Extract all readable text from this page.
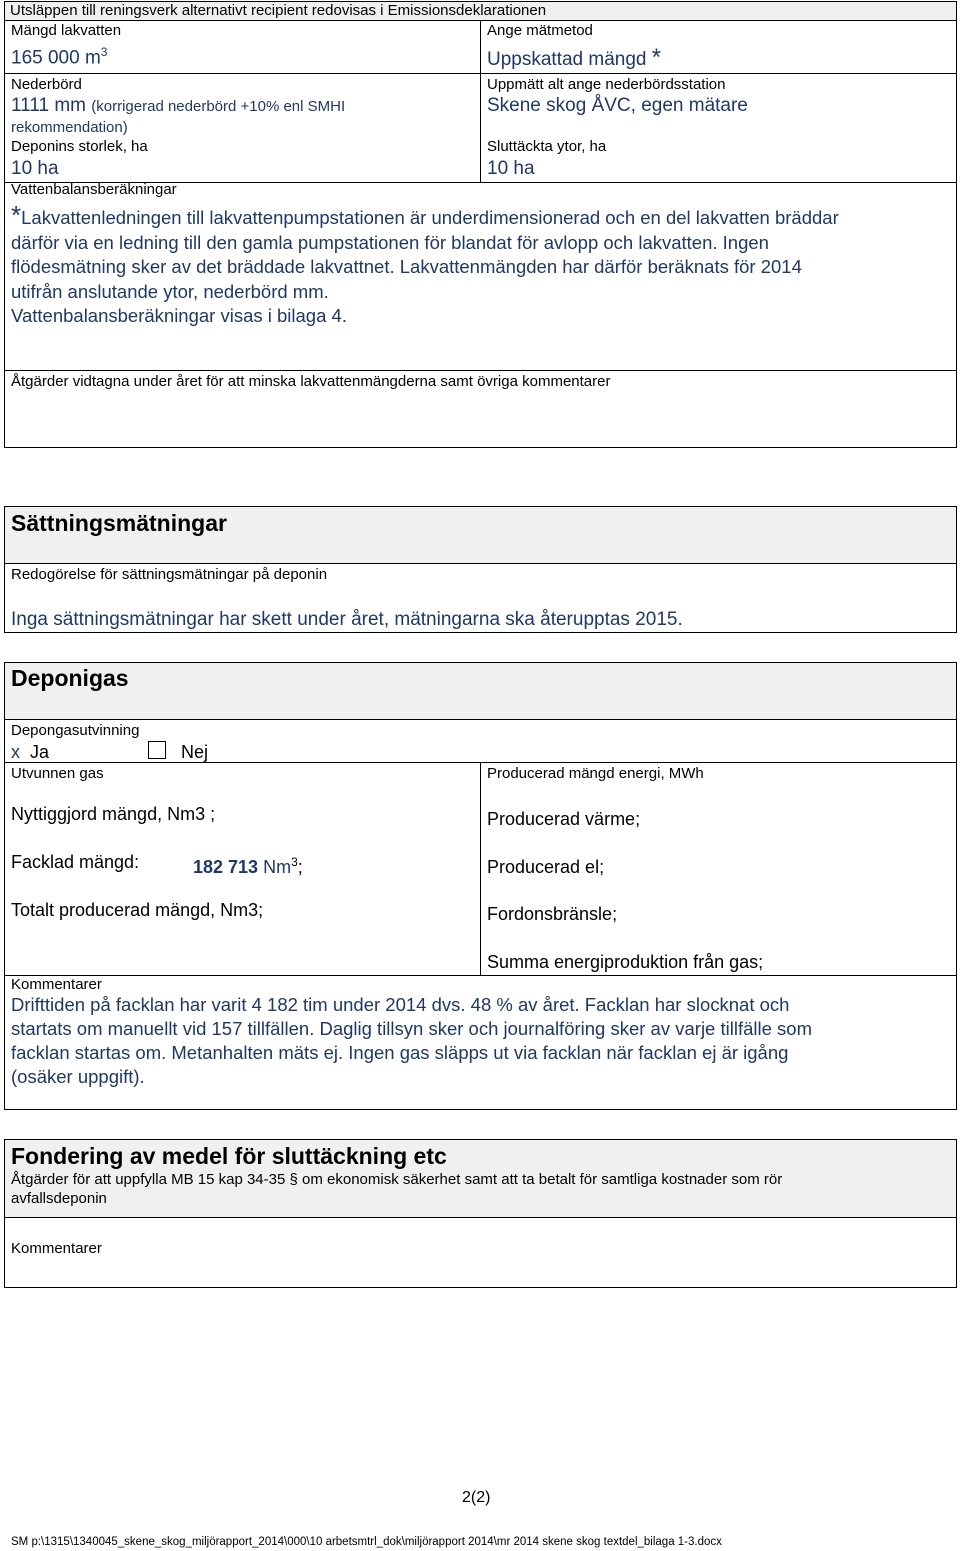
Utsläppen till reningsverk alternativt recipient redovisas i Emissionsdeklarationen
Mängd lakvatten
165 000 $m^3$
Ange mätmetod
Uppskattad mängd *
Nederbörd
1111 mm (korrigerad nederbörd +10% enl SMHI
rekommendation)
Uppmätt alt ange nederbördsstation
Skene skog ÅVC, egen mätare
Deponins storlek, ha
10 ha
Sluttäckta ytor, ha
10 ha
Vattenbalansberäkningar
*Lakvattenledningen till lakvattenpumpstationen är underdimensionerad och en del lakvatten bräddar
därför via en ledning till den gamla pumpstationen för blandat för avlopp och lakvatten. Ingen
flödesmätning sker av det bräddade lakvattnet. Lakvattenmängden har därför beräknats för 2014
utifrån anslutande ytor, nederbörd mm.
Vattenbalansberäkningar visas i bilaga 4.
Åtgärder vidtagna under året för att minska lakvattenmängderna samt övriga kommentarer
Sättningsmätningar
Redogörelse för sättningsmätningar på deponin
Inga sättningsmätningar har skett under året, mätningarna ska återupptas 2015.
Deponigas
Depongasutvinning
x Ja	Nej
Utvunnen gas	Producerad mängd energi, MWh
Nyttiggjord mängd, Nm3 ;
Facklad mängd:	182 713 Nm$^3$;
Totalt producerad mängd, Nm3;
Producerad värme;
Producerad el;
Fordonsbränsle;
Summa energiproduktion från gas;
Kommentarer
Drifttiden på facklan har varit 4 182 tim under 2014 dvs. 48 % av året. Facklan har slocknat och
startats om manuellt vid 157 tillfällen. Daglig tillsyn sker och journalföring sker av varje tillfälle som
facklan startas om. Metanhalten mäts ej. Ingen gas släpps ut via facklan när facklan ej är igång
(osäker uppgift).
Fondering av medel för sluttäckning etc
Åtgärder för att uppfylla MB 15 kap 34-35 § om ekonomisk säkerhet samt att ta betalt för samtliga kostnader som rör
avfallsdeponin
Kommentarer
2(2)
SM p:\1315\1340045_skene_skog_miljörapport_2014\000\10 arbetsmtrl_dok\miljörapport 2014\mr 2014 skene skog textdel_bilaga 1-3.docx
